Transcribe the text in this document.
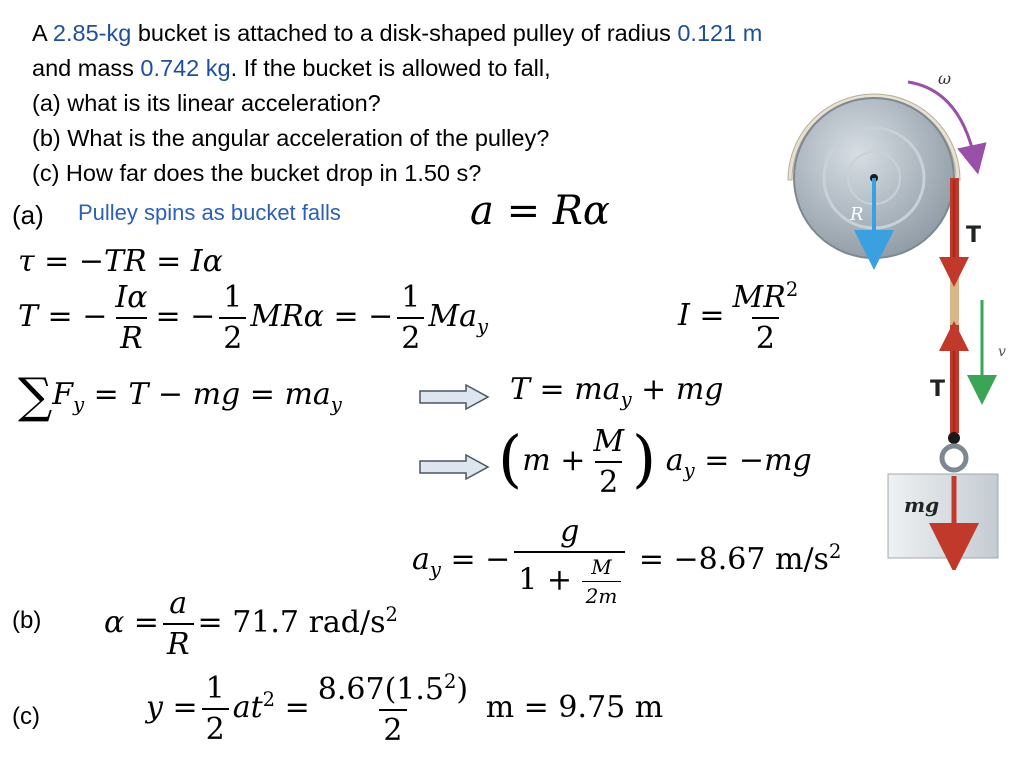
A 2.85-kg bucket is attached to a disk-shaped pulley of radius 0.121 m
and mass 0.742 kg. If the bucket is allowed to fall,
(a) what is its linear acceleration?
(b) What is the angular acceleration of the pulley?
(c) How far does the bucket drop in 1.50 s?
(a) Pulley spins as bucket falls
(b)
(c)
a = Rα
τ = −TR = Iα
T = − $\frac{I\alpha}{R}$ = − $\frac{1}{2}$ MRα = − $\frac{1}{2} Ma_y$	$I = \frac{MR^2}{2}$
$\sum F_y = T$ − mg = $ma_y$	$T = ma_y$ + mg
($m + \frac{M}{2}$ ) $a_y = -mg$
$a_y$ = − $\frac{g}{1 + \frac{M}{2m}} = -8.67$ $m/s^2$
$\alpha = \frac{a}{R} = 71.7$ rad/$s^2$
$y = \frac{1}{2} at^2 = \frac{8.67(1.5^2)}{2}$ m = 9.75 m
R
ω
T
T
v
mg
